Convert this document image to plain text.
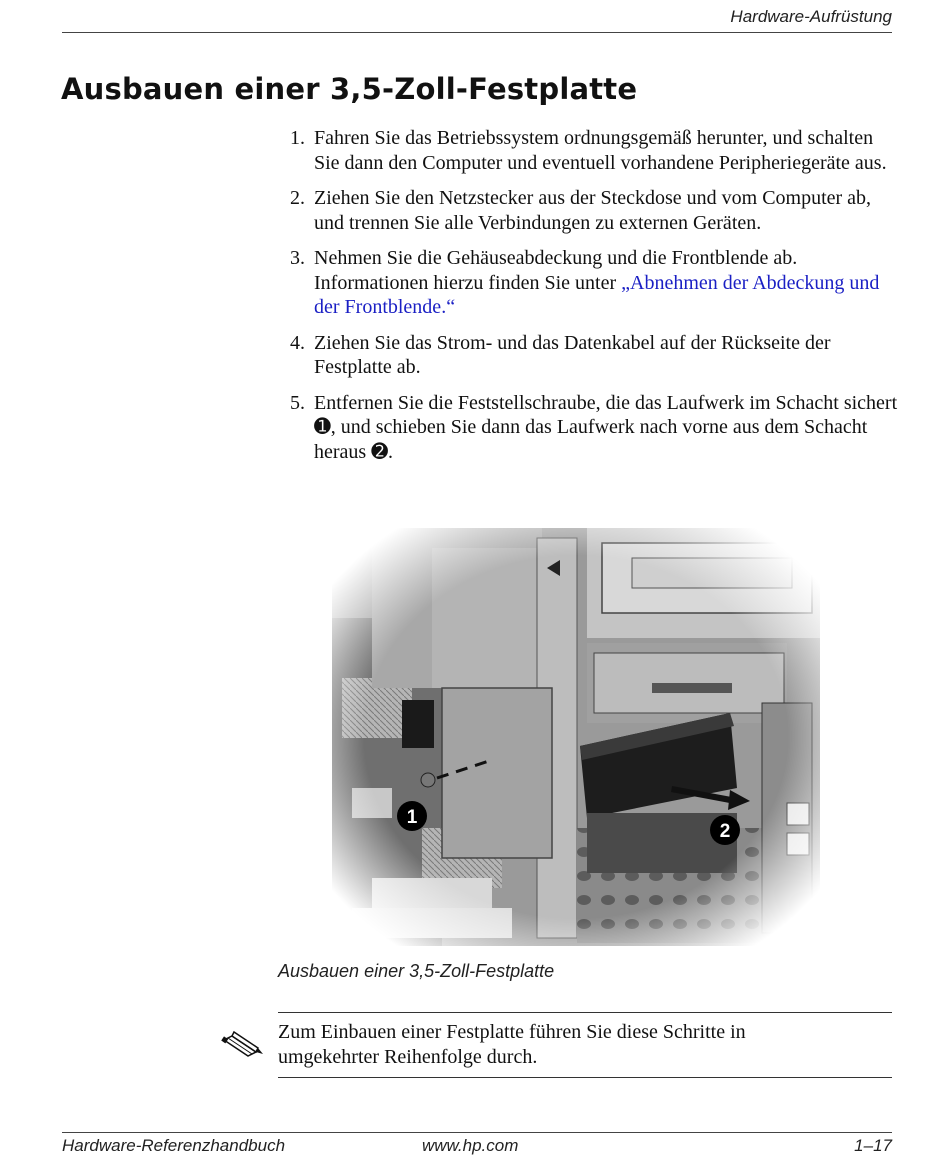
Hardware-Aufrüstung
Ausbauen einer 3,5-Zoll-Festplatte
1. Fahren Sie das Betriebssystem ordnungsgemäß herunter, und schalten Sie dann den Computer und eventuell vorhandene Peripheriegeräte aus.
2. Ziehen Sie den Netzstecker aus der Steckdose und vom Computer ab, und trennen Sie alle Verbindungen zu externen Geräten.
3. Nehmen Sie die Gehäuseabdeckung und die Frontblende ab. Informationen hierzu finden Sie unter „Abnehmen der Abdeckung und der Frontblende.“
4. Ziehen Sie das Strom- und das Datenkabel auf der Rückseite der Festplatte ab.
5. Entfernen Sie die Feststellschraube, die das Laufwerk im Schacht sichert ➊, und schieben Sie dann das Laufwerk nach vorne aus dem Schacht heraus ➋.
Ausbauen einer 3,5-Zoll-Festplatte
Zum Einbauen einer Festplatte führen Sie diese Schritte in umgekehrter Reihenfolge durch.
Hardware-Referenzhandbuch	www.hp.com	1–17
